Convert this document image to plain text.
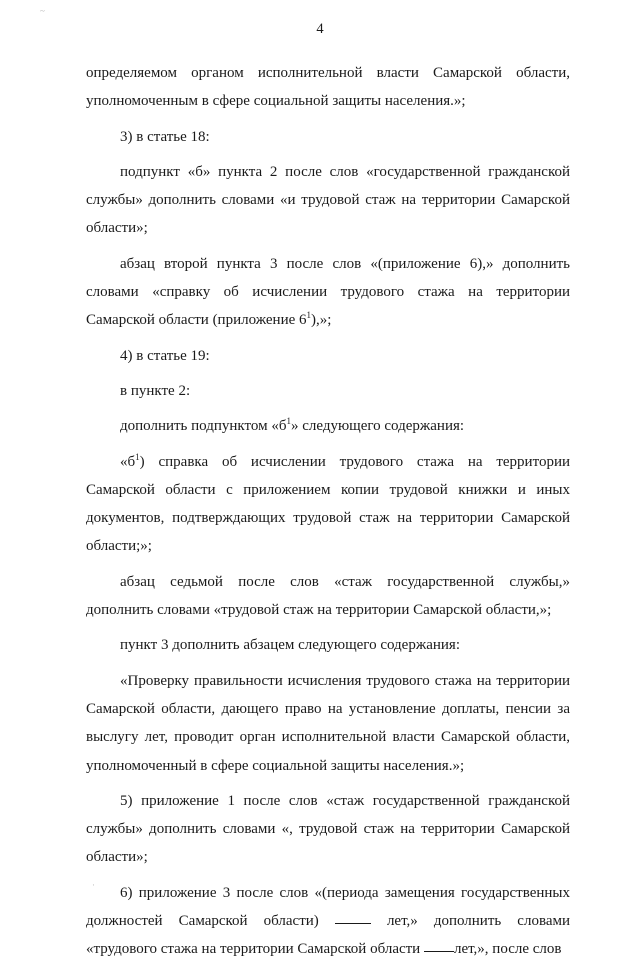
~
4

определяемом органом исполнительной власти Самарской области, уполномоченным в сфере социальной защиты населения.»;

3) в статье 18:

подпункт «б» пункта 2 после слов «государственной гражданской службы» дополнить словами «и трудовой стаж на территории Самарской области»;

абзац второй пункта 3 после слов «(приложение 6),» дополнить словами «справку об исчислении трудового стажа на территории Самарской области (приложение $6^1$),»;

4) в статье 19:

в пункте 2:

дополнить подпунктом «$б^1$» следующего содержания:

«$б^1$) справка об исчислении трудового стажа на территории Самарской области с приложением копии трудовой книжки и иных документов, подтверждающих трудовой стаж на территории Самарской области;»;

абзац седьмой после слов «стаж государственной службы,» дополнить словами «трудовой стаж на территории Самарской области,»;

пункт 3 дополнить абзацем следующего содержания:

«Проверку правильности исчисления трудового стажа на территории Самарской области, дающего право на установление доплаты, пенсии за выслугу лет, проводит орган исполнительной власти Самарской области, уполномоченный в сфере социальной защиты населения.»;

5) приложение 1 после слов «стаж государственной гражданской службы» дополнить словами «, трудовой стаж на территории Самарской области»;

6) приложение 3 после слов «(периода замещения государственных должностей Самарской области)	лет,» дополнить словами «трудового стажа на территории Самарской области лет,», после слов

·
